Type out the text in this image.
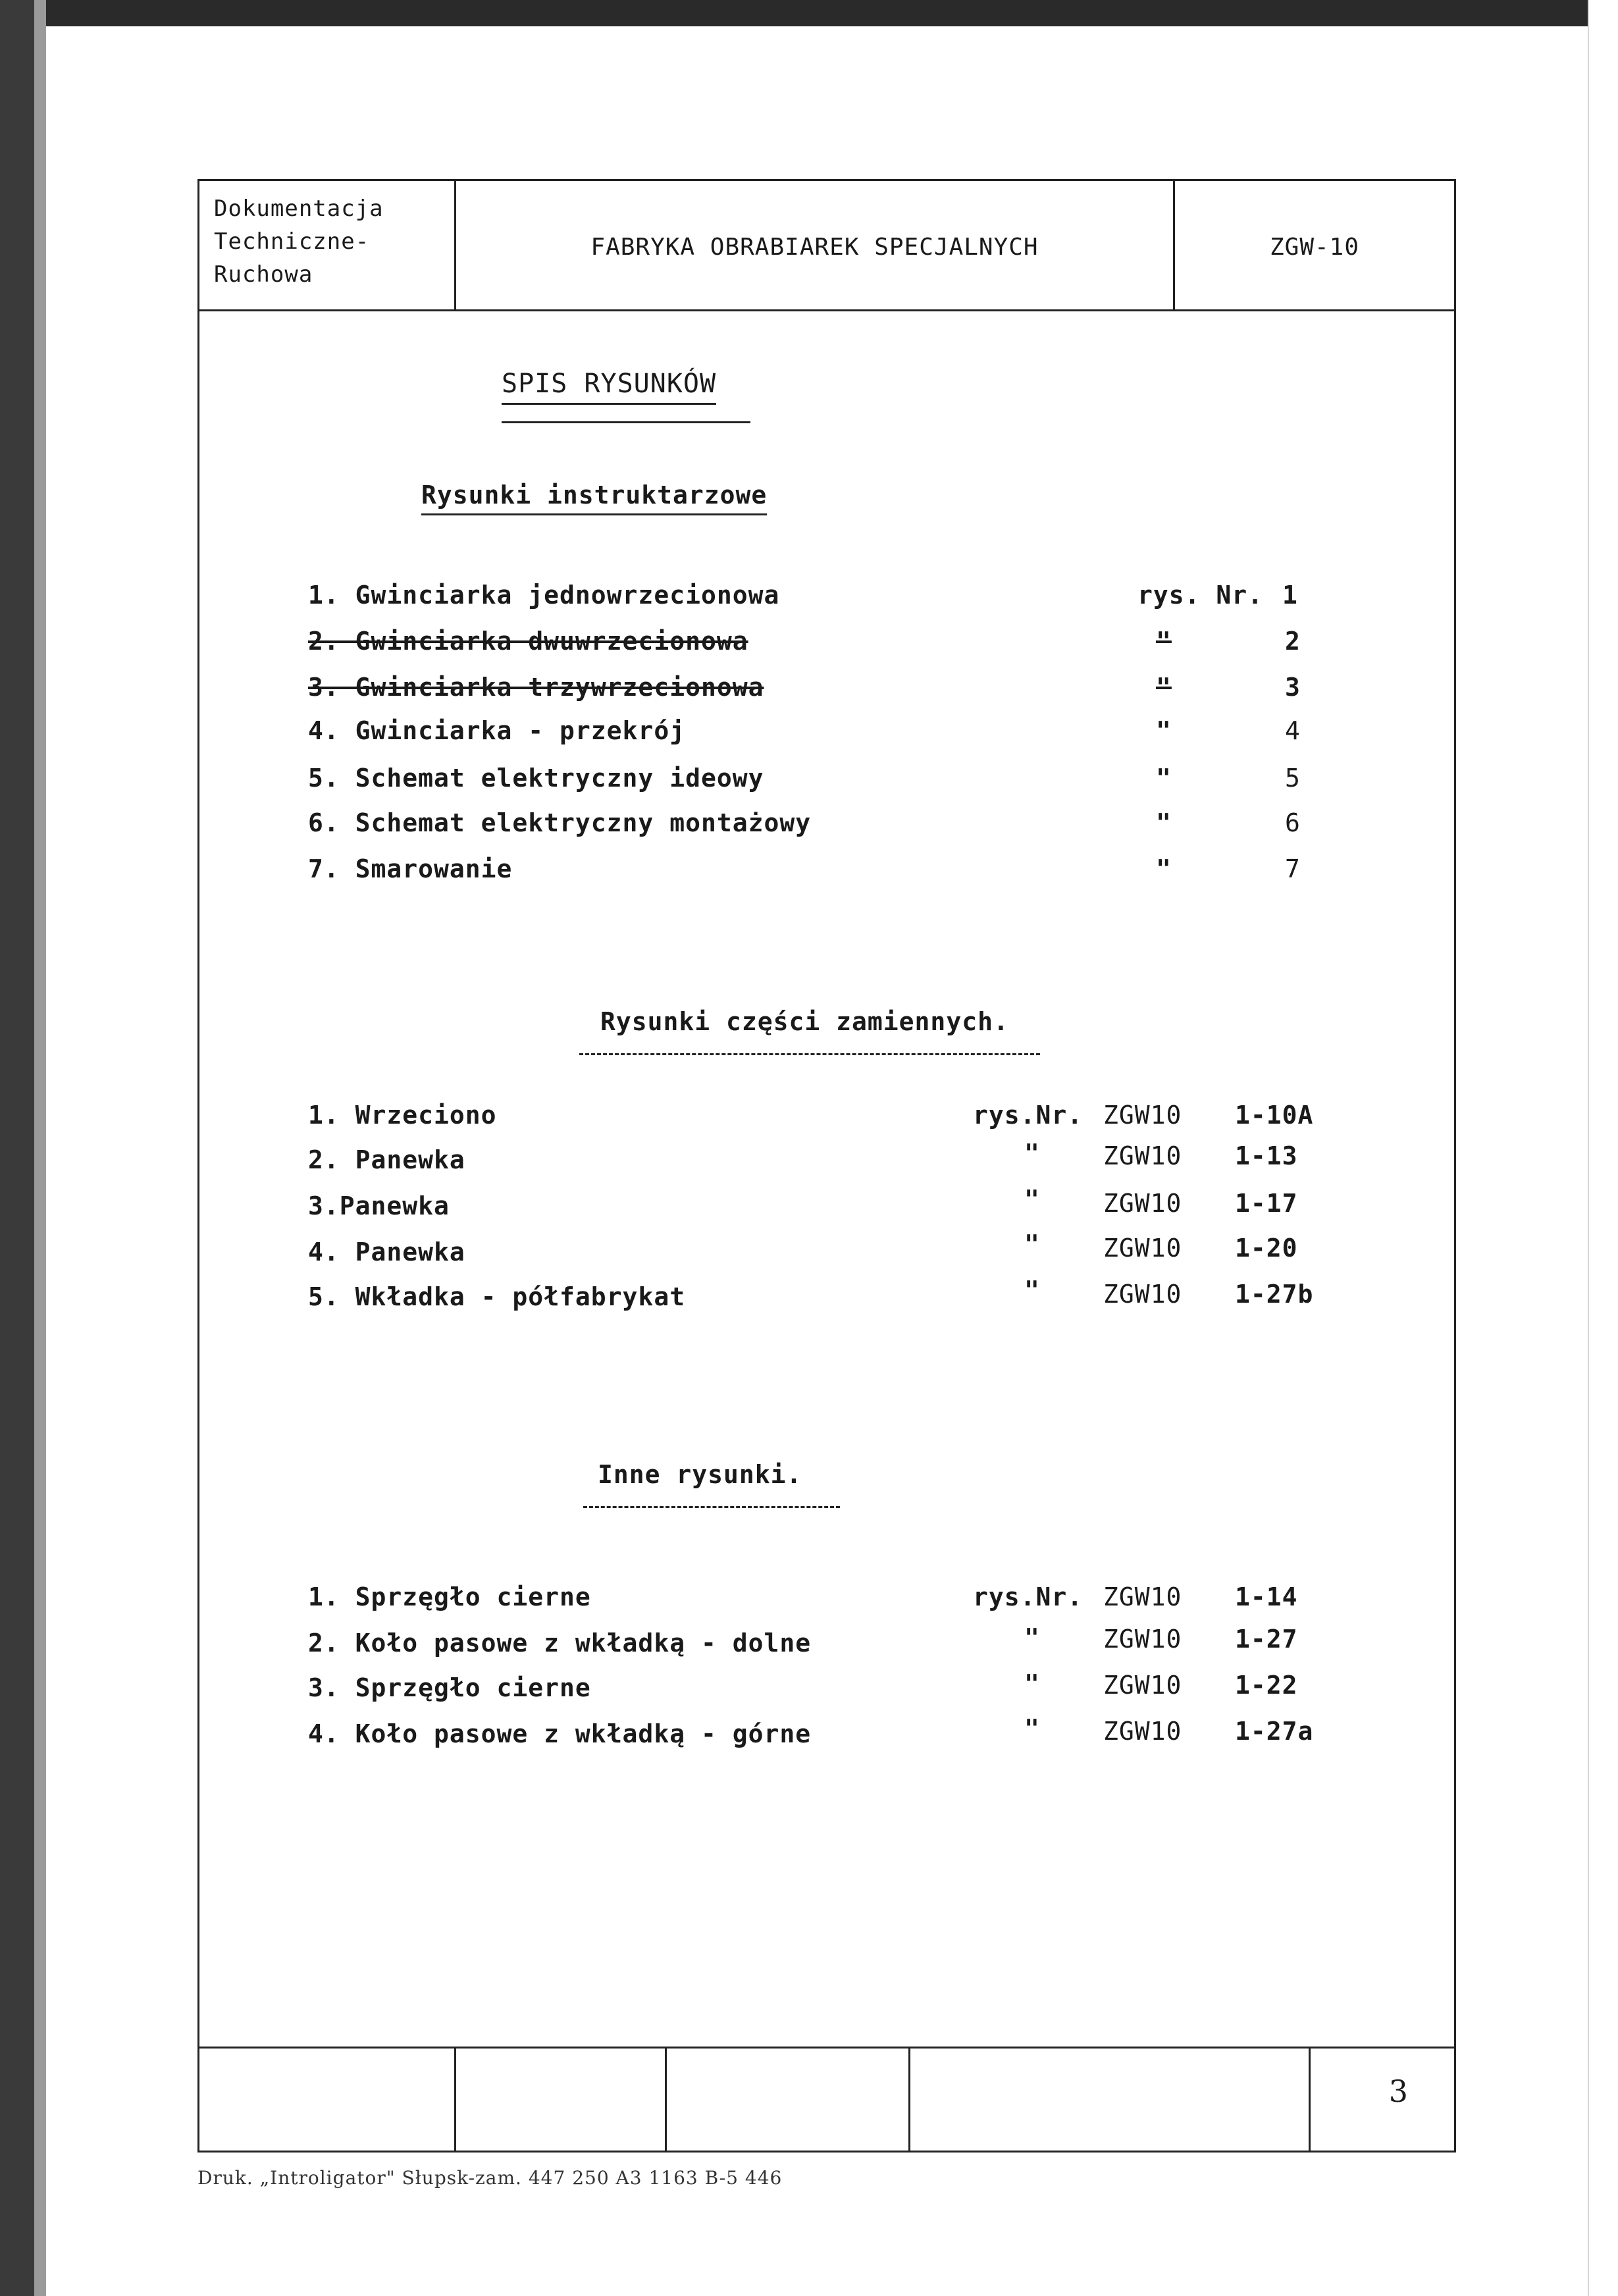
Dokumentacja
Techniczne-
Ruchowa
FABRYKA OBRABIAREK SPECJALNYCH	ZGW-10
3
SPIS RYSUNKÓW
Rysunki instruktarzowe
1. Gwinciarka jednowrzecionowa	rys. Nr. 1
2. Gwinciarka dwuwrzecionowa	"	2
3. Gwinciarka trzywrzecionowa	"	3
4. Gwinciarka - przekrój	"	4
5. Schemat elektryczny ideowy	"	5
6. Schemat elektryczny montażowy	"	6
7. Smarowanie	"	7
Rysunki części zamiennych.
1. Wrzeciono	rys.Nr. ZGW10 1-10A
2. Panewka	"	ZGW10 1-13
3.Panewka	"	ZGW10 1-17
4. Panewka	"	ZGW10 1-20
5. Wkładka - półfabrykat	"	ZGW10 1-27b
Inne rysunki.
1. Sprzęgło cierne	rys.Nr. ZGW10 1-14
2. Koło pasowe z wkładką - dolne	"	ZGW10 1-27
3. Sprzęgło cierne	"	ZGW10 1-22
4. Koło pasowe z wkładką - górne	"	ZGW10 1-27a
Druk. „Introligator" Słupsk-zam. 447 250 A3 1163 B-5 446
